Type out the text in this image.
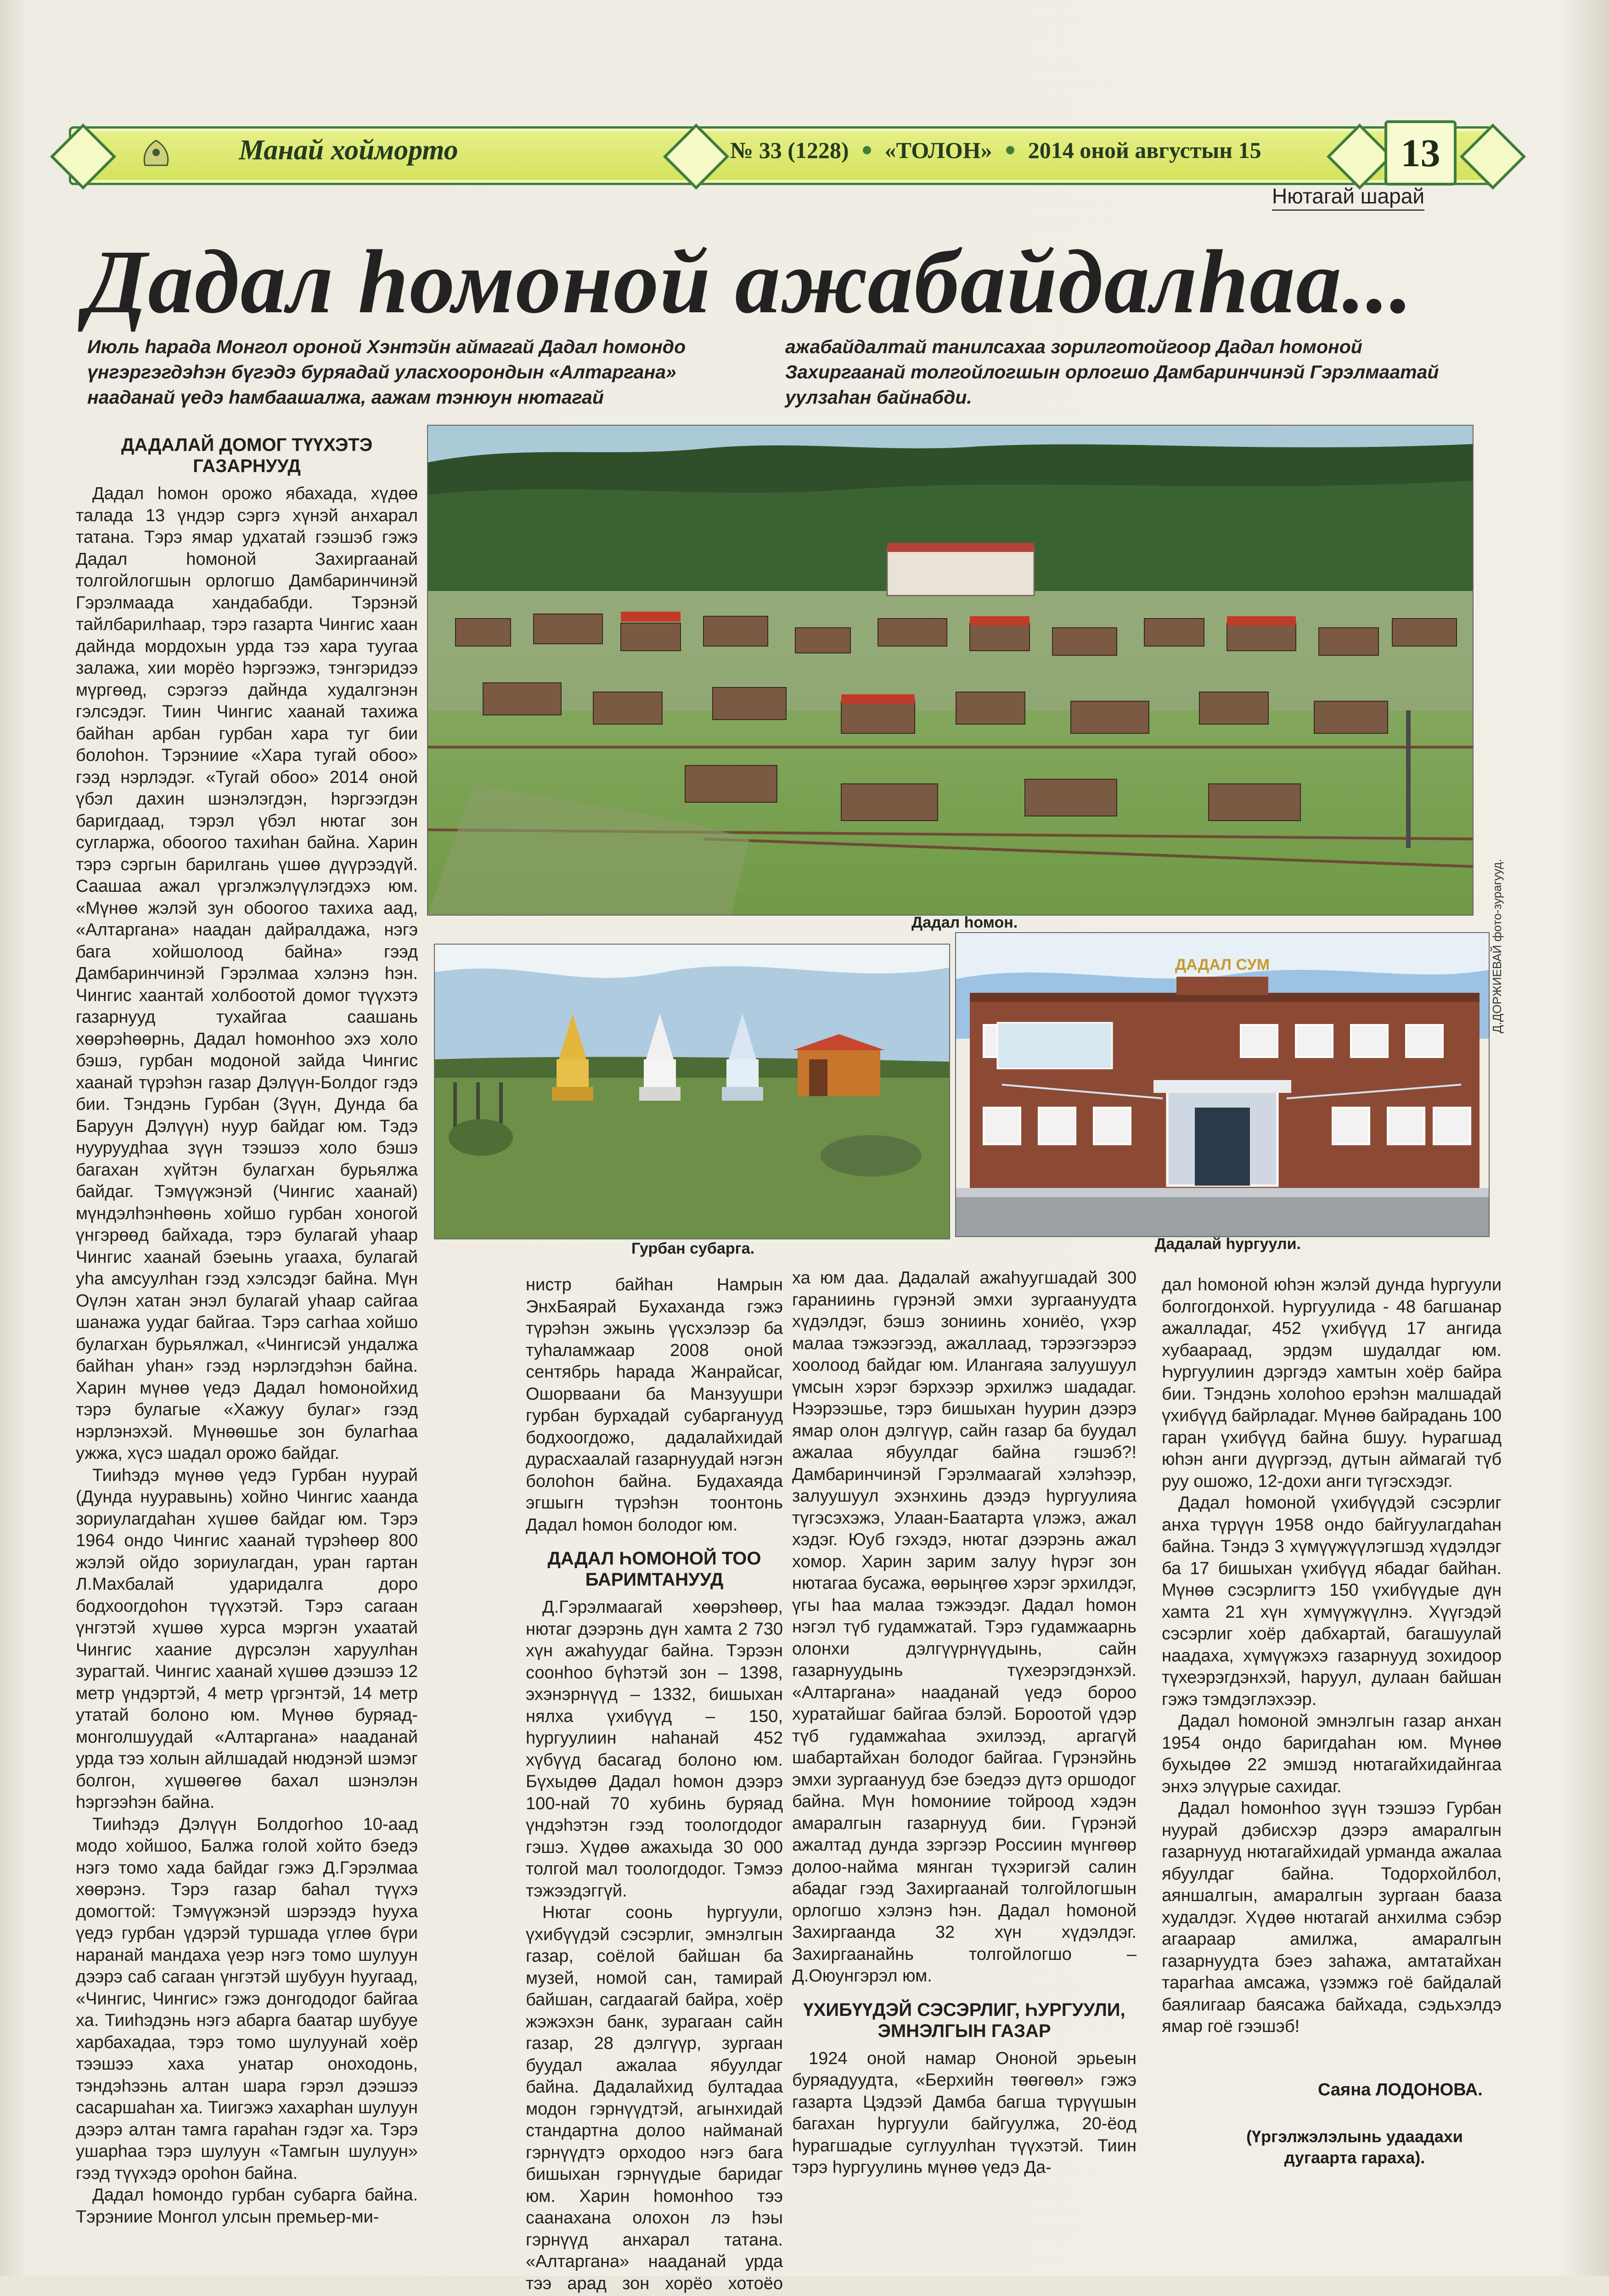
Манай хойморто	№ 33 (1228) «ТОЛОН» 2014 оной августын 15	13
Нютагай шарай
Дадал һомоной ажабайдалһаа...
Июль һарада Монгол ороной Хэнтэйн аймагай Дадал һомондо үнгэргэгдэһэн бүгэдэ буряадай уласхоорондын «Алтаргана» нааданай үедэ һамбаашалжа, аажам тэнюун нютагай
ажабайдалтай танилсахаа зорилготойгоор Дадал һомоной Захиргаанай толгойлогшын орлогшо Дамбаринчинэй Гэрэлмаатай уулзаһан байнабди.
Дадал һомон.
Гурбан субарга.
ДАДАЛ СУМ
Дадалай һургуули.
Д.ДОРЖИЕВАЙ фото-зурагууд.
ДАДАЛАЙ ДОМОГ ТҮҮХЭТЭ ГАЗАРНУУД

Дадал һомон орожо ябахада, хүдөө талада 13 үндэр сэргэ хүнэй анхарал татана. Тэрэ ямар удхатай гээшэб гэжэ Дадал һомоной Захиргаанай толгойлогшын орлогшо Дамбаринчинэй Гэрэлмаада хандабабди. Тэрэнэй тайлбарилһаар, тэрэ газарта Чингис хаан дайнда мордохын урда тээ хара туугаа залажа, хии морёо һэргээжэ, тэнгэридээ мүргөөд, сэрэгээ дайнда худалгэнэн гэлсэдэг. Тиин Чингис хаанай тахижа байһан арбан гурбан хара туг бии болоһон. Тэрэниие «Хара тугай обоо» гээд нэрлэдэг. «Тугай обоо» 2014 оной үбэл дахин шэнэлэгдэн, һэргээгдэн баригдаад, тэрэл үбэл нютаг зон сугларжа, обоогоо тахиһан байна. Харин тэрэ сэргын барилгань үшөө дүүрээдүй. Саашаа ажал үргэлжэлүүлэгдэхэ юм. «Мүнөө жэлэй зун обоогоо тахиха аад, «Алтаргана» наадан дайралдажа, нэгэ бага хойшолоод байна» гээд Дамбаринчинэй Гэрэлмаа хэлэнэ һэн. Чингис хаантай холбоотой домог түүхэтэ газарнууд тухайгаа саашань хөөрэһөөрнь, Дадал һомонһоо эхэ холо бэшэ, гурбан модоной зайда Чингис хаанай түрэһэн газар Дэлүүн-Болдог гэдэ бии. Тэндэнь Гурбан (Зүүн, Дунда ба Баруун Дэлүүн) нуур байдаг юм. Тэдэ нууруудһаа зүүн тээшээ холо бэшэ багахан хүйтэн булагхан бурьялжа байдаг. Тэмүүжэнэй (Чингис хаанай) мүндэлһэнһөөнь хойшо гурбан хоногой үнгэрөөд байхада, тэрэ булагай уһаар Чингис хаанай бэеынь угааха, булагай уһа амсуулһан гээд хэлсэдэг байна. Мүн Оүлэн хатан энэл булагай уһаар сайгаа шанажа уудаг байгаа. Тэрэ сагһаа хойшо булагхан бурьялжал, «Чингисэй ундалжа байһан уһан» гээд нэрлэгдэһэн байна. Харин мүнөө үедэ Дадал һомонойхид тэрэ булагые «Хажуу булаг» гээд нэрлэнэхэй. Мүнөөшье зон булагһаа ужжа, хүсэ шадал орожо байдаг.

Тииһэдэ мүнөө үедэ Гурбан нуурай (Дунда нууравынь) хойно Чингис хаанда зориулагдаһан хүшөө байдаг юм. Тэрэ 1964 ондо Чингис хаанай түрэһөөр 800 жэлэй ойдо зориулагдан, уран гартан Л.Махбалай ударидалга доро бодхоогдоһон түүхэтэй. Тэрэ сагаан үнгэтэй хүшөө хурса мэргэн ухаатай Чингис хаание дүрсэлэн харуулһан зурагтай. Чингис хаанай хүшөө дээшээ 12 метр үндэртэй, 4 метр үргэнтэй, 14 метр утатай болоно юм. Мүнөө буряад-монголшуудай «Алтаргана» нааданай урда тээ холын айлшадай нюдэнэй шэмэг болгон, хүшөөгөө бахал шэнэлэн һэргээһэн байна.

Тииһэдэ Дэлүүн Болдогһоо 10-аад модо хойшоо, Балжа голой хойто бэедэ нэгэ томо хада байдаг гэжэ Д.Гэрэлмаа хөөрэнэ. Тэрэ газар баһал түүхэ домогтой: Тэмүүжэнэй шэрээдэ һууха үедэ гурбан үдэрэй туршада үглөө бүри наранай мандаха үеэр нэгэ томо шулуун дээрэ саб сагаан үнгэтэй шубуун һуугаад, «Чингис, Чингис» гэжэ донгододог байгаа ха. Тииһэдэнь нэгэ абарга баатар шубууе харбахадаа, тэрэ томо шулуунай хоёр тээшээ хаха унатар оноходонь, тэндэһээнь алтан шара гэрэл дээшээ сасаршаһан ха. Тиигэжэ хахарһан шулуун дээрэ алтан тамга гараһан гэдэг ха. Тэрэ ушарһаа тэрэ шулуун «Тамгын шулуун» гээд түүхэдэ ороһон байна.

Дадал һомондо гурбан субарга байна. Тэрэниие Монгол улсын премьер-ми-

нистр байһан Намрын ЭнхБаярай Бухаханда гэжэ түрэһэн эжынь үүсхэлээр ба туһаламжаар 2008 оной сентябрь һарада Жанрайсаг, Ошорваани ба Манзуушри гурбан бурхадай субарганууд бодхоогдожо, дадалайхидай дурасхаалай газарнуудай нэгэн болоһон байна. Будахаяда эгшыгн түрэһэн тоонтонь Дадал һомон болодог юм.

ДАДАЛ ҺОМОНОЙ ТОО БАРИМТАНУУД

Д.Гэрэлмаагай хөөрэһөөр, нютаг дээрэнь дүн хамта 2 730 хүн ажаһуудаг байна. Тэрээн соонһоо бүһэтэй зон – 1398, эхэнэрнүүд – 1332, бишыхан нялха үхибүүд – 150, һургуулиин наһанай 452 хүбүүд басагад болоно юм. Бүхыдөө Дадал һомон дээрэ 100-най 70 хубинь буряад үндэһэтэн гээд тоологдодог гэшэ. Хүдөө ажахыда 30 000 толгой мал тоологдодог. Тэмээ тэжээдэггүй.

Нютаг соонь һургуули, үхибүүдэй сэсэрлиг, эмнэлгын газар, соёлой байшан ба музей, номой сан, тамирай байшан, сагдаагай байра, хоёр жэжэхэн банк, зурагаан сайн газар, 28 дэлгүүр, зургаан буудал ажалаа ябуулдаг байна. Дадалайхид бултадаа модон гэрнүүдтэй, агынхидай стандартна долоо найманай гэрнүүдтэ орходоо нэгэ бага бишыхан гэрнүүдые баридаг юм. Харин һомонһоо тээ саанахана олохон лэ һэы гэрнүүд анхарал татана. «Алтаргана» нааданай урда тээ арад зон хорёо хотоёо

ха юм даа. Дадалай ажаһуугшадай 300 гараниинь гүрэнэй эмхи зургаануудта хүдэлдэг, бэшэ зониинь хониёо, үхэр малаа тэжээгээд, ажаллаад, тэрээгээрээ хоолоод байдаг юм. Илангаяа залуушуул үмсын хэрэг бэрхээр эрхилжэ шададаг. Нээрээшье, тэрэ бишыхан һуурин дээрэ ямар олон дэлгүүр, сайн газар ба буудал ажалаа ябуулдаг байна гэшэб?! Дамбаринчинэй Гэрэлмаагай хэлэһээр, залуушуул эхэнхинь дээдэ һургуулияа түгэсэхэжэ, Улаан-Баатарта үлэжэ, ажал хэдэг. Юуб гэхэдэ, нютаг дээрэнь ажал хомор. Харин зарим залуу һүрэг зон нютагаа бусажа, өөрыңгөө хэрэг эрхилдэг, үгы һаа малаа тэжээдэг. Дадал һомон нэгэл түб гудамжатай. Тэрэ гудамжаарнь олонхи дэлгүүрнүүдынь, сайн газарнуудынь түхеэрэгдэнхэй. «Алтаргана» нааданай үедэ бороо хуратайшаг байгаа бэлэй. Бороотой үдэр түб гудамжаһаа эхилээд, аргагүй шабартайхан болодог байгаа. Гүрэнэйнь эмхи зургаанууд бэе бэедээ дүтэ оршодог байна. Мүн һомониие тойроод хэдэн амаралгын газарнууд бии. Гүрэнэй ажалтад дунда зэргээр Россиин мүнгөөр долоо-найма мянган түхэригэй салин абадаг гээд Захиргаанай толгойлогшын орлогшо хэлэнэ һэн. Дадал һомоной Захиргаанда 32 хүн хүдэлдэг. Захиргаанайнь толгойлогшо – Д.Оюунгэрэл юм.

ҮХИБҮҮДЭЙ СЭСЭРЛИГ, ҺУРГУУЛИ, ЭМНЭЛГЫН ГАЗАР

1924 оной намар Ононой эрьеын буряадуудта, «Берхийн төөгөөл» гэжэ газарта Цэдээй Дамба багша түрүүшын багахан һургуули байгуулжа, 20-ёод һурагшадые суглуулһан түүхэтэй. Тиин тэрэ һургуулинь мүнөө үедэ Да-

дал һомоной юһэн жэлэй дунда һургуули болгогдонхой. Һургуулида - 48 багшанар ажалладаг, 452 үхибүүд 17 ангида хубаараад, эрдэм шудалдаг юм. Һургуулиин дэргэдэ хамтын хоёр байра бии. Тэндэнь холоһоо ерэһэн малшадай үхибүүд байрладаг. Мүнөө байрадань 100 гаран үхибүүд байна бшуу. Һурагшад юһэн анги дүүргээд, дүтын аймагай түб руу ошожо, 12-дохи анги түгэсхэдэг.

Дадал һомоной үхибүүдэй сэсэрлиг анха түрүүн 1958 ондо байгуулагдаһан байна. Тэндэ 3 хүмүүжүүлэгшэд хүдэлдэг ба 17 бишыхан үхибүүд ябадаг байһан. Мүнөө сэсэрлигтэ 150 үхибүүдые дүн хамта 21 хүн хүмүүжүүлнэ. Хүүгэдэй сэсэрлиг хоёр дабхартай, багашуулай наадаха, хүмүүжэхэ газарнууд зохидоор түхеэрэгдэнхэй, һаруул, дулаан байшан гэжэ тэмдэглэхээр.

Дадал һомоной эмнэлгын газар анхан 1954 ондо баригдаһан юм. Мүнөө бухыдөө 22 эмшэд нютагайхидайнгаа энхэ элүүрые сахидаг.

Дадал һомонһоо зүүн тээшээ Гурбан нуурай дэбисхэр дээрэ амаралгын газарнууд нютагайхидай урманда ажалаа ябуулдаг байна. Тодорхойлбол, аяншалгын, амаралгын зургаан бааза худалдэг. Хүдөө нютагай анхилма сэбэр агаараар амилжа, амаралгын газарнуудта бэеэ заһажа, амтатайхан тарагһаа амсажа, үзэмжэ гоё байдалай баялигаар баясажа байхада, сэдьхэлдэ ямар гоё гээшэб!

Саяна ЛОДОНОВА.
(Үргэлжэлэлынь удаадахи дугаарта гараха).
